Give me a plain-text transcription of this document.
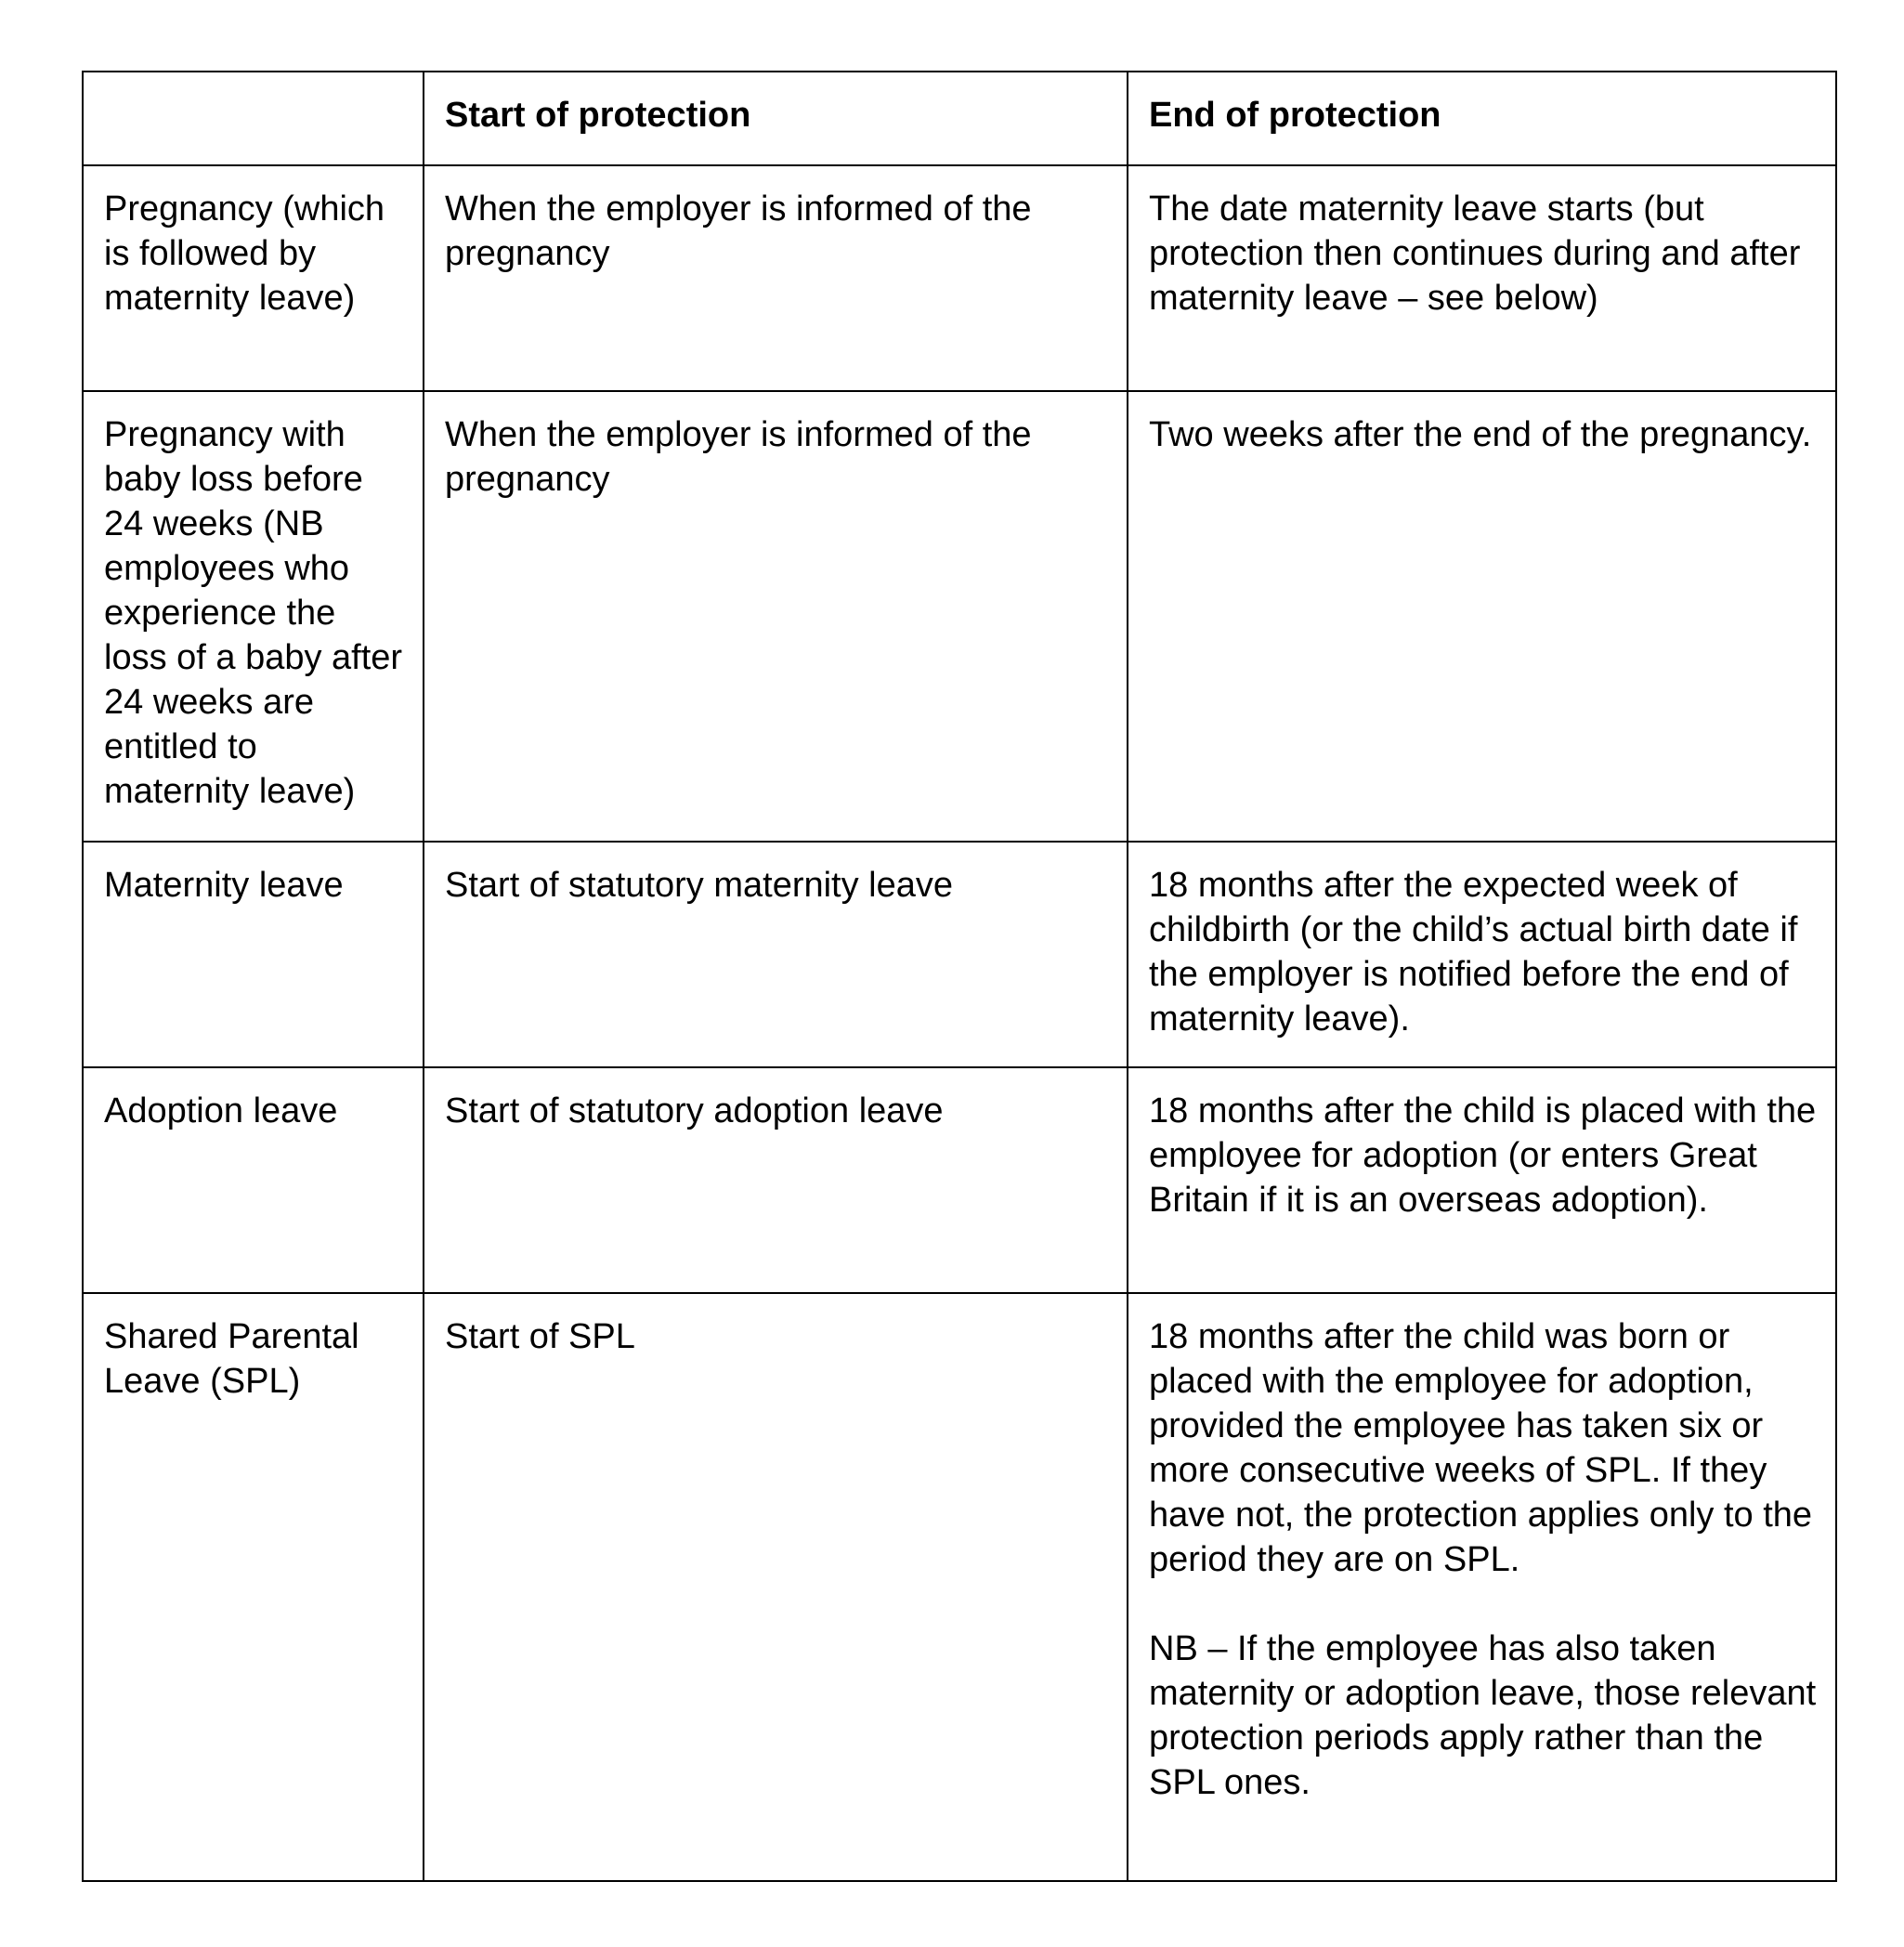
	Start of protection	End of protection
Pregnancy (which is followed by maternity leave)	When the employer is informed of the pregnancy	The date maternity leave starts (but protection then continues during and after maternity leave – see below)
Pregnancy with baby loss before 24 weeks (NB employees who experience the loss of a baby after 24 weeks are entitled to maternity leave)	When the employer is informed of the pregnancy	Two weeks after the end of the pregnancy.
Maternity leave	Start of statutory maternity leave	18 months after the expected week of childbirth (or the child’s actual birth date if the employer is notified before the end of maternity leave).
Adoption leave	Start of statutory adoption leave	18 months after the child is placed with the employee for adoption (or enters Great Britain if it is an overseas adoption).
Shared Parental Leave (SPL)	Start of SPL	18 months after the child was born or placed with the employee for adoption, provided the employee has taken six or more consecutive weeks of SPL. If they have not, the protection applies only to the period they are on SPL.
NB – If the employee has also taken maternity or adoption leave, those relevant protection periods apply rather than the SPL ones.
